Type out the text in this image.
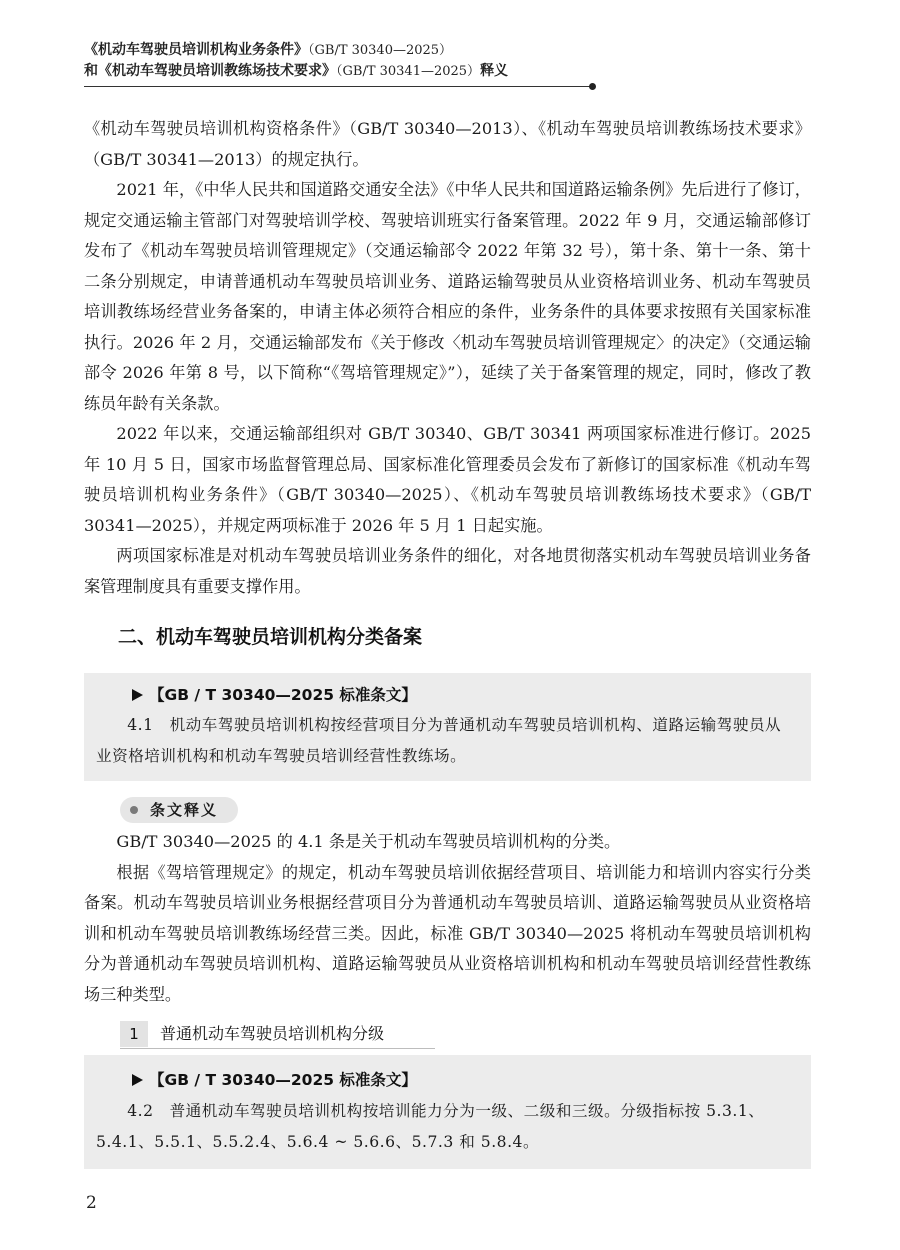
《机动车驾驶员培训机构业务条件》（GB/T 30340—2025）
和《机动车驾驶员培训教练场技术要求》（GB/T 30341—2025）释义

《机动车驾驶员培训机构资格条件》（GB/T 30340—2013）、《机动车驾驶员培训教练场技术要求》（GB/T 30341—2013）的规定执行。

2021 年，《中华人民共和国道路交通安全法》《中华人民共和国道路运输条例》先后进行了修订，规定交通运输主管部门对驾驶培训学校、驾驶培训班实行备案管理。2022 年 9 月，交通运输部修订发布了《机动车驾驶员培训管理规定》（交通运输部令 2022 年第 32 号），第十条、第十一条、第十二条分别规定，申请普通机动车驾驶员培训业务、道路运输驾驶员从业资格培训业务、机动车驾驶员培训教练场经营业务备案的，申请主体必须符合相应的条件，业务条件的具体要求按照有关国家标准执行。2026 年 2 月，交通运输部发布《关于修改〈机动车驾驶员培训管理规定〉的决定》（交通运输部令 2026 年第 8 号，以下简称“《驾培管理规定》”），延续了关于备案管理的规定，同时，修改了教练员年龄有关条款。

2022 年以来，交通运输部组织对 GB/T 30340、GB/T 30341 两项国家标准进行修订。2025 年 10 月 5 日，国家市场监督管理总局、国家标准化管理委员会发布了新修订的国家标准《机动车驾驶员培训机构业务条件》（GB/T 30340—2025）、《机动车驾驶员培训教练场技术要求》（GB/T 30341—2025），并规定两项标准于 2026 年 5 月 1 日起实施。

两项国家标准是对机动车驾驶员培训业务条件的细化，对各地贯彻落实机动车驾驶员培训业务备案管理制度具有重要支撑作用。

二、机动车驾驶员培训机构分类备案
【GB / T 30340—2025 标准条文】
4.1　机动车驾驶员培训机构按经营项目分为普通机动车驾驶员培训机构、道路运输驾驶员从业资格培训机构和机动车驾驶员培训经营性教练场。
条文释义

GB/T 30340—2025 的 4.1 条是关于机动车驾驶员培训机构的分类。

根据《驾培管理规定》的规定，机动车驾驶员培训依据经营项目、培训能力和培训内容实行分类备案。机动车驾驶员培训业务根据经营项目分为普通机动车驾驶员培训、道路运输驾驶员从业资格培训和机动车驾驶员培训教练场经营三类。因此，标准 GB/T 30340—2025 将机动车驾驶员培训机构分为普通机动车驾驶员培训机构、道路运输驾驶员从业资格培训机构和机动车驾驶员培训经营性教练场三种类型。

1	普通机动车驾驶员培训机构分级
【GB / T 30340—2025 标准条文】
4.2　普通机动车驾驶员培训机构按培训能力分为一级、二级和三级。分级指标按 5.3.1、5.4.1、5.5.1、5.5.2.4、5.6.4 ~ 5.6.6、5.7.3 和 5.8.4。
2
